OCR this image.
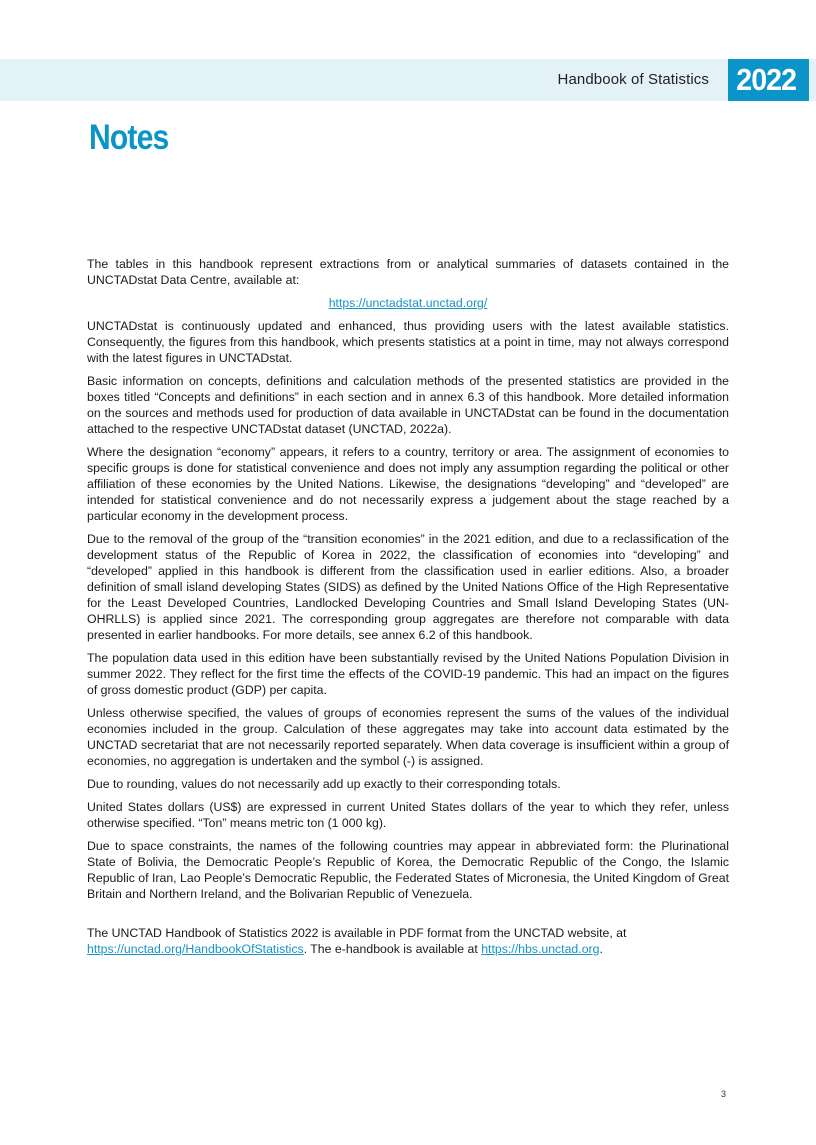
Handbook of Statistics 2022
Notes

The tables in this handbook represent extractions from or analytical summaries of datasets contained in the UNCTADstat Data Centre, available at:

https://unctadstat.unctad.org/

UNCTADstat is continuously updated and enhanced, thus providing users with the latest available statistics. Consequently, the figures from this handbook, which presents statistics at a point in time, may not always correspond with the latest figures in UNCTADstat.

Basic information on concepts, definitions and calculation methods of the presented statistics are provided in the boxes titled “Concepts and definitions” in each section and in annex 6.3 of this handbook. More detailed information on the sources and methods used for production of data available in UNCTADstat can be found in the documentation attached to the respective UNCTADstat dataset (UNCTAD, 2022a).

Where the designation “economy” appears, it refers to a country, territory or area. The assignment of economies to specific groups is done for statistical convenience and does not imply any assumption regarding the political or other affiliation of these economies by the United Nations. Likewise, the designations “developing” and “developed” are intended for statistical convenience and do not necessarily express a judgement about the stage reached by a particular economy in the development process.

Due to the removal of the group of the “transition economies” in the 2021 edition, and due to a reclassification of the development status of the Republic of Korea in 2022, the classification of economies into “developing” and “developed” applied in this handbook is different from the classification used in earlier editions. Also, a broader definition of small island developing States (SIDS) as defined by the United Nations Office of the High Representative for the Least Developed Countries, Landlocked Developing Countries and Small Island Developing States (UN-OHRLLS) is applied since 2021. The corresponding group aggregates are therefore not comparable with data presented in earlier handbooks. For more details, see annex 6.2 of this handbook.

The population data used in this edition have been substantially revised by the United Nations Population Division in summer 2022. They reflect for the first time the effects of the COVID-19 pandemic. This had an impact on the figures of gross domestic product (GDP) per capita.

Unless otherwise specified, the values of groups of economies represent the sums of the values of the individual economies included in the group. Calculation of these aggregates may take into account data estimated by the UNCTAD secretariat that are not necessarily reported separately. When data coverage is insufficient within a group of economies, no aggregation is undertaken and the symbol (-) is assigned.

Due to rounding, values do not necessarily add up exactly to their corresponding totals.

United States dollars (US$) are expressed in current United States dollars of the year to which they refer, unless otherwise specified. “Ton” means metric ton (1 000 kg).

Due to space constraints, the names of the following countries may appear in abbreviated form: the Plurinational State of Bolivia, the Democratic People’s Republic of Korea, the Democratic Republic of the Congo, the Islamic Republic of Iran, Lao People’s Democratic Republic, the Federated States of Micronesia, the United Kingdom of Great Britain and Northern Ireland, and the Bolivarian Republic of Venezuela.

The UNCTAD Handbook of Statistics 2022 is available in PDF format from the UNCTAD website, at https://unctad.org/HandbookOfStatistics. The e-handbook is available at https://hbs.unctad.org.

3
